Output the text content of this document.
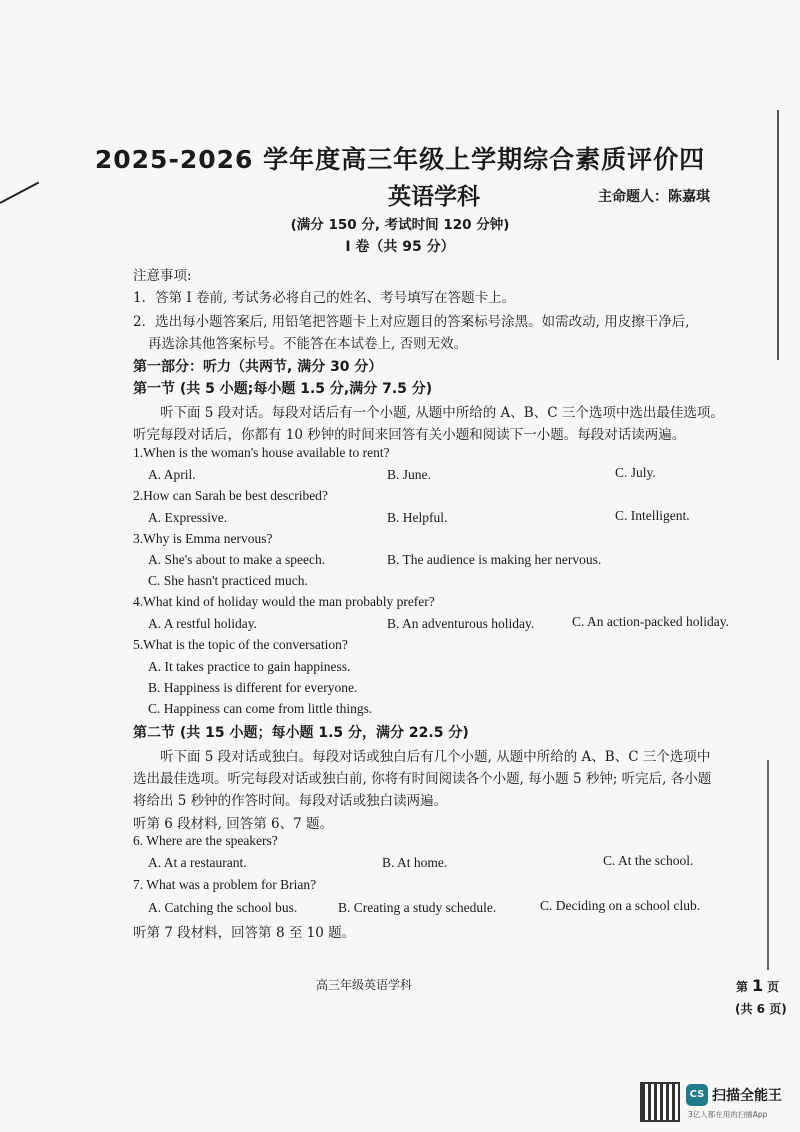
2025-2026 学年度高三年级上学期综合素质评价四
英语学科	主命题人：陈嘉琪
(满分 150 分, 考试时间 120 分钟)
I 卷（共 95 分）
注意事项:
1．答第 I 卷前, 考试务必将自己的姓名、考号填写在答题卡上。
2．选出每小题答案后, 用铅笔把答题卡上对应题目的答案标号涂黑。如需改动, 用皮擦干净后,
再选涂其他答案标号。不能答在本试卷上, 否则无效。
第一部分：听力（共两节, 满分 30 分）
第一节 (共 5 小题;每小题 1.5 分,满分 7.5 分)
听下面 5 段对话。每段对话后有一个小题, 从题中所给的 A、B、C 三个选项中选出最佳选项。
听完每段对话后，你都有 10 秒钟的时间来回答有关小题和阅读下一小题。每段对话读两遍。
1.When is the woman's house available to rent?
A. April.	B. June.	C. July.
2.How can Sarah be best described?
A. Expressive.	B. Helpful.	C. Intelligent.
3.Why is Emma nervous?
A. She's about to make a speech.	B. The audience is making her nervous.
C. She hasn't practiced much.
4.What kind of holiday would the man probably prefer?
A. A restful holiday.	B. An adventurous holiday.	C. An action-packed holiday.
5.What is the topic of the conversation?
A. It takes practice to gain happiness.
B. Happiness is different for everyone.
C. Happiness can come from little things.
第二节 (共 15 小题；每小题 1.5 分，满分 22.5 分)
听下面 5 段对话或独白。每段对话或独白后有几个小题, 从题中所给的 A、B、C 三个选项中
选出最佳选项。听完每段对话或独白前, 你将有时间阅读各个小题, 每小题 5 秒钟; 听完后, 各小题
将给出 5 秒钟的作答时间。每段对话或独白读两遍。
听第 6 段材料, 回答第 6、7 题。
6. Where are the speakers?
A. At a restaurant.	B. At home.	C. At the school.
7. What was a problem for Brian?
A. Catching the school bus.	B. Creating a study schedule.	C. Deciding on a school club.
听第 7 段材料，回答第 8 至 10 题。
高三年级英语学科	第 1 页
(共 6 页)
CS 扫描全能王
3亿人都在用的扫描App
